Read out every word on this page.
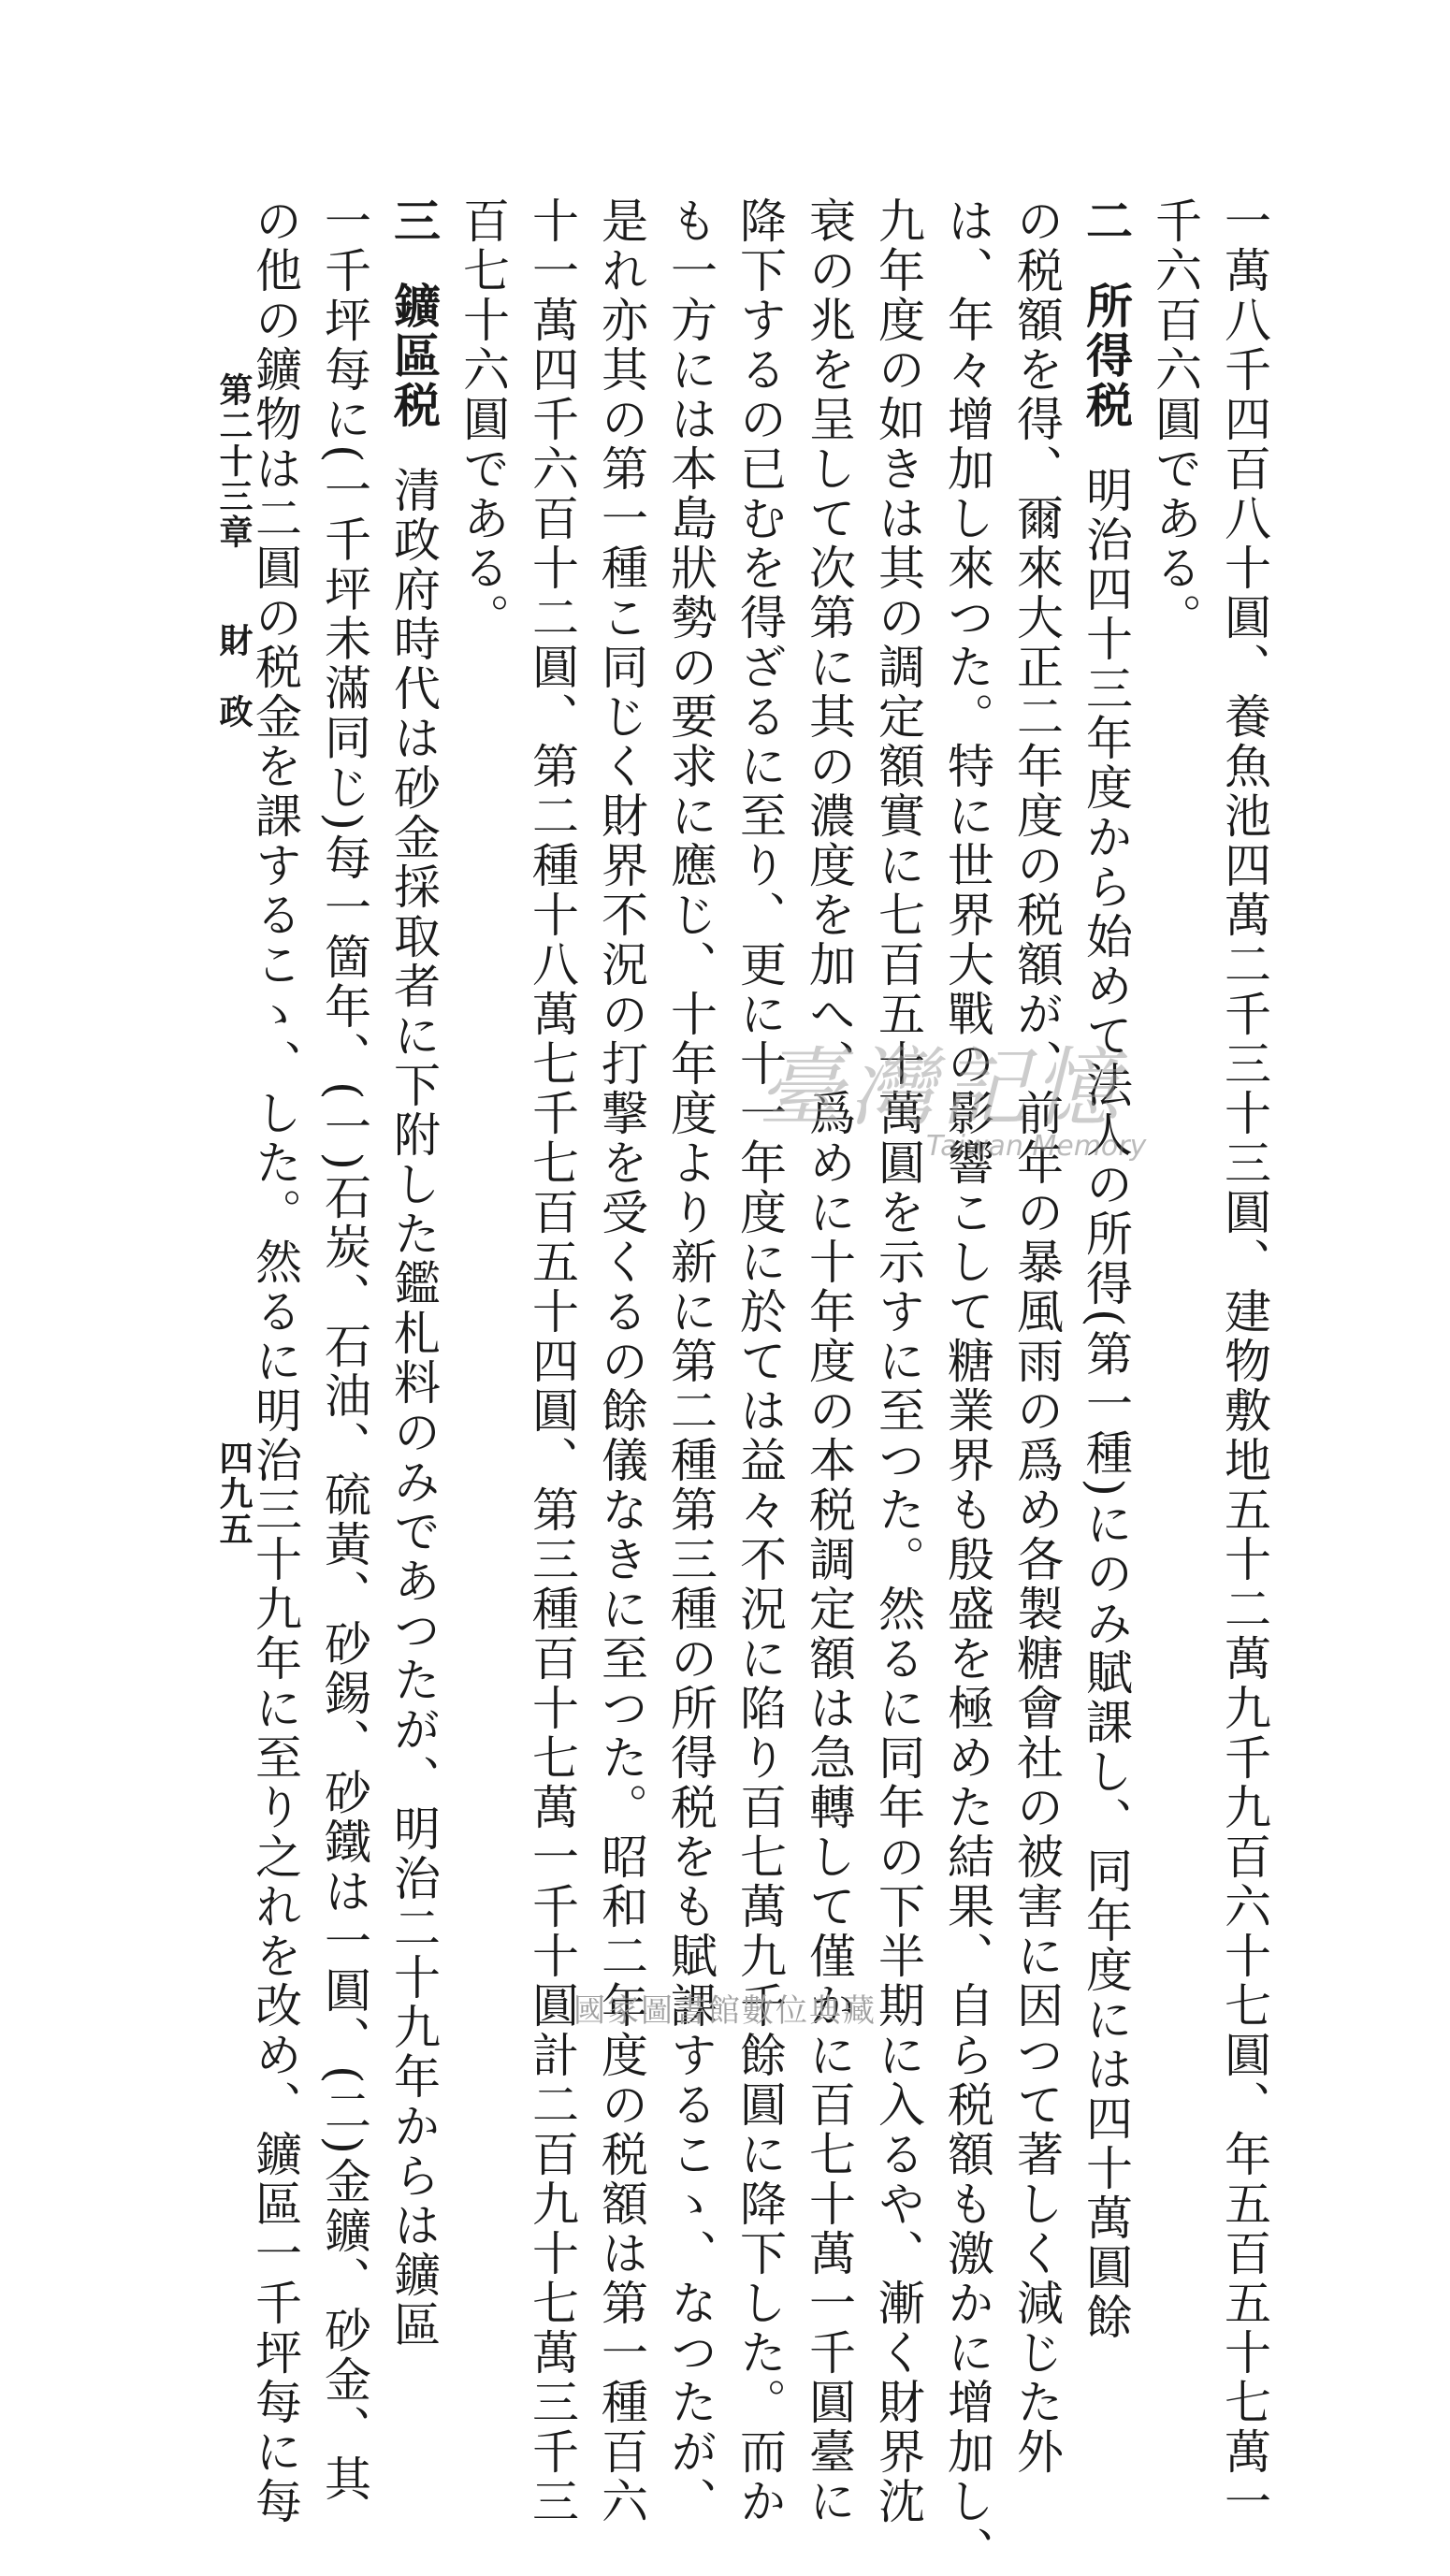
一萬八千四百八十圓、養魚池四萬二千三十三圓、建物敷地五十二萬九千九百六十七圓、年五百五十七萬一
千六百六圓である。
二所得税明治四十三年度から始めて法人の所得(第一種)にのみ賦課し、同年度には四十萬圓餘
の税額を得、爾來大正二年度の税額が、前年の暴風雨の爲め各製糖會社の被害に因つて著しく減じた外
は、年々增加し來つた。特に世界大戰の影響こして糖業界も殷盛を極めた結果、自ら税額も激かに增加し、
九年度の如きは其の調定額實に七百五十萬圓を示すに至つた。然るに同年の下半期に入るや、漸く財界沈
衰の兆を呈して次第に其の濃度を加へ、爲めに十年度の本税調定額は急轉して僅かに百七十萬一千圓臺に
降下するの已むを得ざるに至り、更に十一年度に於ては益々不況に陷り百七萬九千餘圓に降下した。而か
も一方には本島狀勢の要求に應じ、十年度より新に第二種第三種の所得税をも賦課するこゝ、なつたが、
是れ亦其の第一種こ同じく財界不況の打撃を受くるの餘儀なきに至つた。昭和二年度の税額は第一種百六
十一萬四千六百十二圓、第二種十八萬七千七百五十四圓、第三種百十七萬一千十圓計二百九十七萬三千三
百七十六圓である。
三鑛區税清政府時代は砂金採取者に下附した鑑札料のみであつたが、明治二十九年からは鑛區
一千坪每に(一千坪未滿同じ)每一箇年、(一)石炭、石油、硫黃、砂錫、砂鐵は一圓、(二)金鑛、砂金、其
の他の鑛物は二圓の税金を課するこゝ、した。然るに明治三十九年に至り之れを改め、鑛區一千坪每に每
第二十三章財　政
四九五
臺灣記憶
Taiwan Memory
國家圖書館數位典藏
